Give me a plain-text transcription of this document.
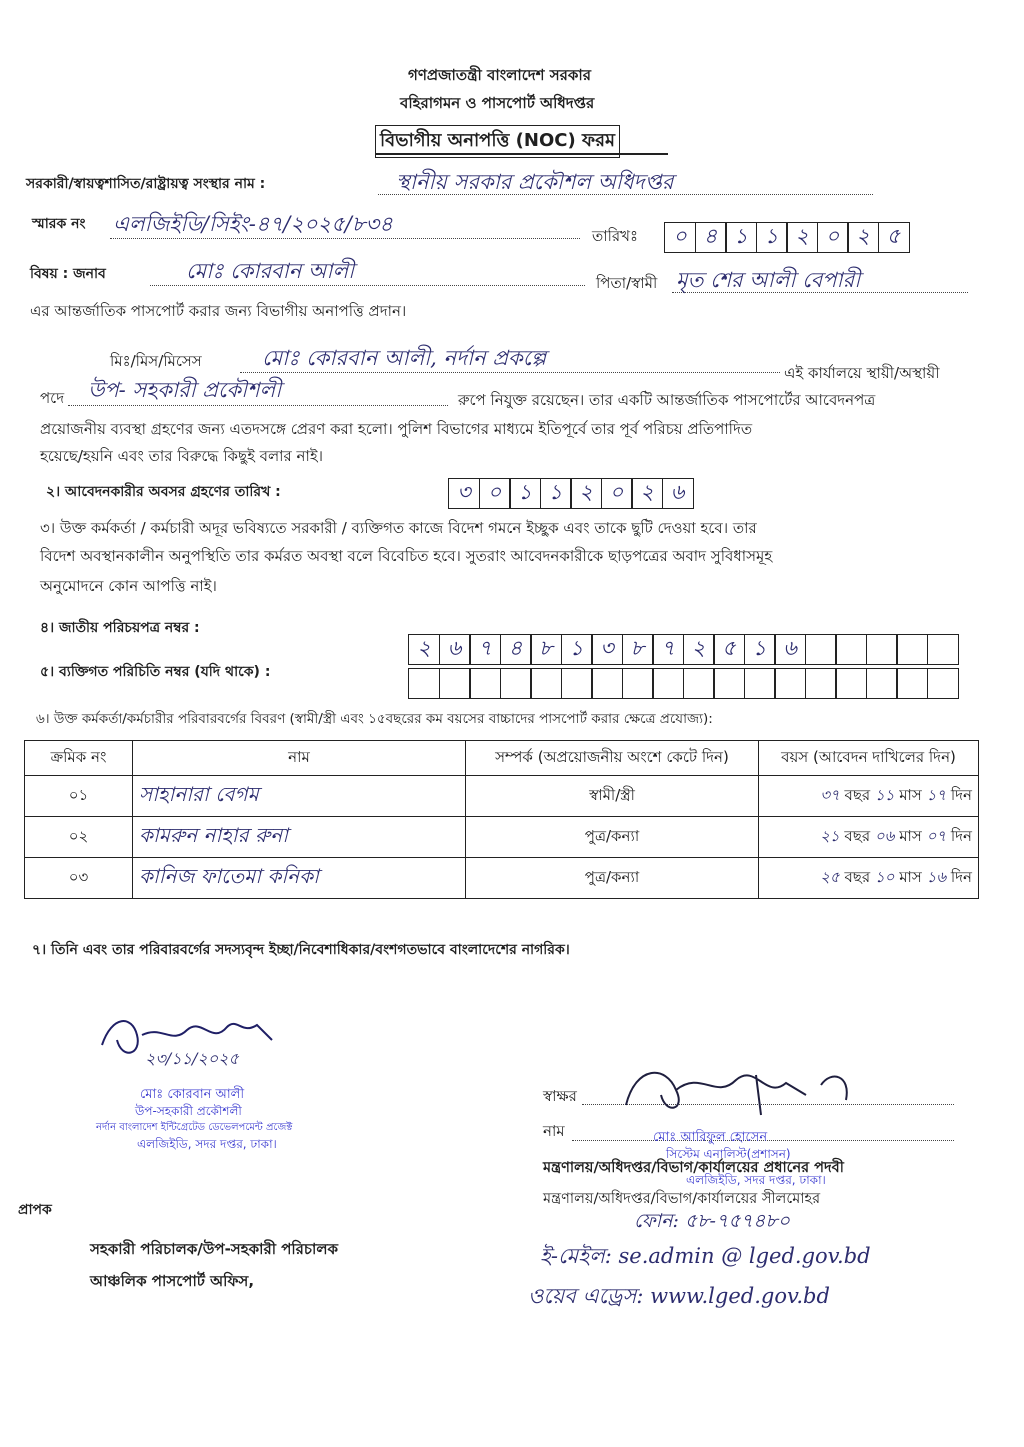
গণপ্রজাতন্ত্রী বাংলাদেশ সরকার
বহিরাগমন ও পাসপোর্ট অধিদপ্তর
বিভাগীয় অনাপত্তি (NOC) ফরম
সরকারী/স্বায়ত্বশাসিত/রাষ্ট্রায়ত্ব সংস্থার নাম :	স্থানীয় সরকার প্রকৌশল অধিদপ্তর
স্মারক নং এলজিইডি/সিইং-৪৭/২০২৫/৮৩৪	তারিখঃ	০ ৪ ১ ১ ২ ০ ২ ৫
বিষয় : জনাব	মোঃ কোরবান আলী	পিতা/স্বামী মৃত শের আলী বেপারী
এর আন্তর্জাতিক পাসপোর্ট করার জন্য বিভাগীয় অনাপত্তি প্রদান।
মিঃ/মিস/মিসেস	মোঃ কোরবান আলী, নর্দান প্রকল্পে
এই কার্যালয়ে স্থায়ী/অস্থায়ী
পদে উপ- সহকারী প্রকৌশলী	রুপে নিযুক্ত রয়েছেন। তার একটি আন্তর্জাতিক পাসপোর্টের আবেদনপত্র
প্রয়োজনীয় ব্যবস্থা গ্রহণের জন্য এতদসঙ্গে প্রেরণ করা হলো। পুলিশ বিভাগের মাধ্যমে ইতিপূর্বে তার পূর্ব পরিচয় প্রতিপাদিত
হয়েছে/হয়নি এবং তার বিরুদ্ধে কিছুই বলার নাই।
২। আবেদনকারীর অবসর গ্রহণের তারিখ :	৩ ০ ১ ১ ২ ০ ২ ৬
৩। উক্ত কর্মকর্তা / কর্মচারী অদূর ভবিষ্যতে সরকারী / ব্যক্তিগত কাজে বিদেশ গমনে ইচ্ছুক এবং তাকে ছুটি দেওয়া হবে। তার
বিদেশ অবস্থানকালীন অনুপস্থিতি তার কর্মরত অবস্থা বলে বিবেচিত হবে। সুতরাং আবেদনকারীকে ছাড়পত্রের অবাদ সুবিধাসমূহ
অনুমোদনে কোন আপত্তি নাই।
৪। জাতীয় পরিচয়পত্র নম্বর :
২ ৬ ৭ ৪ ৮ ১ ৩ ৮ ৭ ২ ৫ ১ ৬
৫। ব্যক্তিগত পরিচিতি নম্বর (যদি থাকে) :
৬। উক্ত কর্মকর্তা/কর্মচারীর পরিবারবর্গের বিবরণ (স্বামী/স্ত্রী এবং ১৫বছরের কম বয়সের বাচ্চাদের পাসপোর্ট করার ক্ষেত্রে প্রযোজ্য):
ক্রমিক নং	নাম	সম্পর্ক (অপ্রয়োজনীয় অংশে কেটে দিন)	বয়স (আবেদন দাখিলের দিন)
০১	সাহানারা বেগম	স্বামী/স্ত্রী	৩৭ বছর ১১ মাস ১৭ দিন
০২	কামরুন নাহার রুনা	পুত্র/কন্যা	২১ বছর ০৬ মাস ০৭ দিন
০৩	কানিজ ফাতেমা কনিকা	পুত্র/কন্যা	২৫ বছর ১০ মাস ১৬ দিন
৭। তিনি এবং তার পরিবারবর্গের সদস্যবৃন্দ ইচ্ছা/নিবেশাধিকার/বংশগতভাবে বাংলাদেশের নাগরিক।
২৩/১১/২০২৫
মোঃ কোরবান আলী
উপ-সহকারী প্রকৌশলী
নর্দান বাংলাদেশ ইন্টিগ্রেটেড ডেভেলপমেন্ট প্রজেক্ট
এলজিইডি, সদর দপ্তর, ঢাকা।
স্বাক্ষর
নাম	মোঃ আরিফুল হোসেন
সিস্টেম এনালিস্ট(প্রশাসন)
মন্ত্রণালয়/অধিদপ্তর/বিভাগ/কার্যালয়ের প্রধানের পদবী
এলজিইডি, সদর দপ্তর, ঢাকা।
মন্ত্রণালয়/অধিদপ্তর/বিভাগ/কার্যালয়ের সীলমোহর
ফোন: ৫৮-৭৫৭৪৮০
ই-মেইল: se.admin @ lged.gov.bd
ওয়েব এড্রেস: www.lged.gov.bd
প্রাপক
সহকারী পরিচালক/উপ-সহকারী পরিচালক
আঞ্চলিক পাসপোর্ট অফিস,
